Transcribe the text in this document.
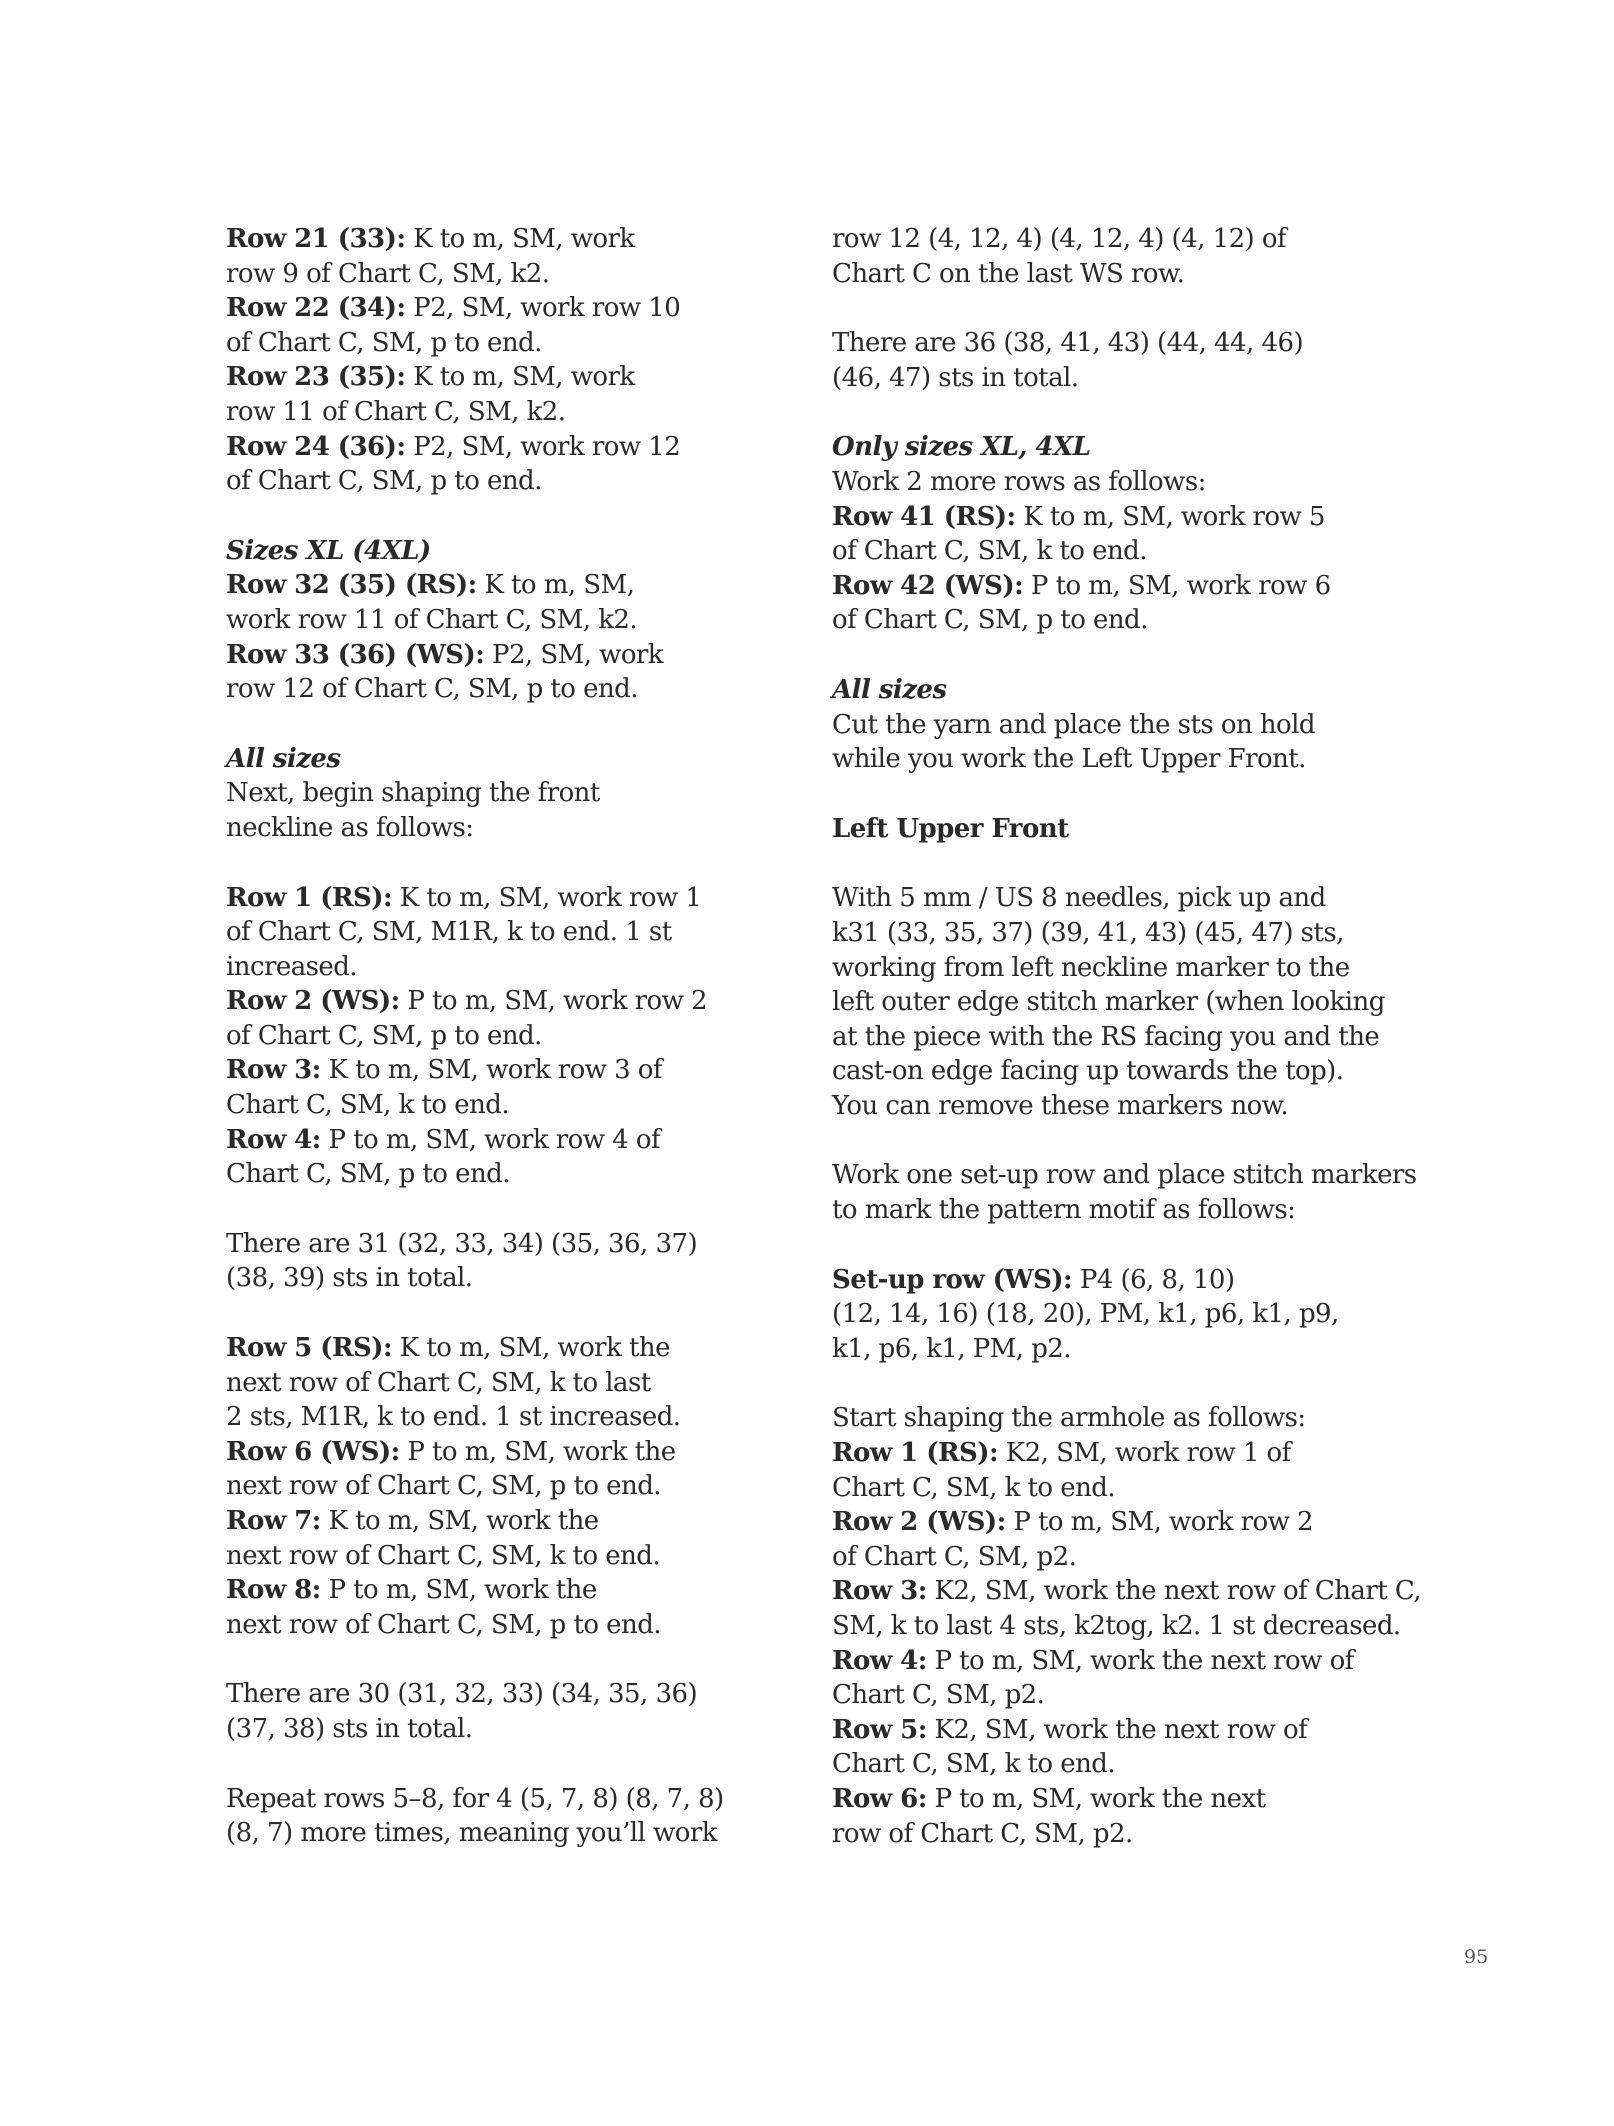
Row 21 (33): K to m, SM, work
row 9 of Chart C, SM, k2.
Row 22 (34): P2, SM, work row 10
of Chart C, SM, p to end.
Row 23 (35): K to m, SM, work
row 11 of Chart C, SM, k2.
Row 24 (36): P2, SM, work row 12
of Chart C, SM, p to end.
Sizes XL (4XL)
Row 32 (35) (RS): K to m, SM,
work row 11 of Chart C, SM, k2.
Row 33 (36) (WS): P2, SM, work
row 12 of Chart C, SM, p to end.
All sizes
Next, begin shaping the front
neckline as follows:
Row 1 (RS): K to m, SM, work row 1
of Chart C, SM, M1R, k to end. 1 st
increased.
Row 2 (WS): P to m, SM, work row 2
of Chart C, SM, p to end.
Row 3: K to m, SM, work row 3 of
Chart C, SM, k to end.
Row 4: P to m, SM, work row 4 of
Chart C, SM, p to end.
There are 31 (32, 33, 34) (35, 36, 37)
(38, 39) sts in total.
Row 5 (RS): K to m, SM, work the
next row of Chart C, SM, k to last
2 sts, M1R, k to end. 1 st increased.
Row 6 (WS): P to m, SM, work the
next row of Chart C, SM, p to end.
Row 7: K to m, SM, work the
next row of Chart C, SM, k to end.
Row 8: P to m, SM, work the
next row of Chart C, SM, p to end.
There are 30 (31, 32, 33) (34, 35, 36)
(37, 38) sts in total.
Repeat rows 5–8, for 4 (5, 7, 8) (8, 7, 8)
(8, 7) more times, meaning you’ll work
row 12 (4, 12, 4) (4, 12, 4) (4, 12) of
Chart C on the last WS row.
There are 36 (38, 41, 43) (44, 44, 46)
(46, 47) sts in total.
Only sizes XL, 4XL
Work 2 more rows as follows:
Row 41 (RS): K to m, SM, work row 5
of Chart C, SM, k to end.
Row 42 (WS): P to m, SM, work row 6
of Chart C, SM, p to end.
All sizes
Cut the yarn and place the sts on hold
while you work the Left Upper Front.
Left Upper Front
With 5 mm / US 8 needles, pick up and
k31 (33, 35, 37) (39, 41, 43) (45, 47) sts,
working from left neckline marker to the
left outer edge stitch marker (when looking
at the piece with the RS facing you and the
cast-on edge facing up towards the top).
You can remove these markers now.
Work one set-up row and place stitch markers
to mark the pattern motif as follows:
Set-up row (WS): P4 (6, 8, 10)
(12, 14, 16) (18, 20), PM, k1, p6, k1, p9,
k1, p6, k1, PM, p2.
Start shaping the armhole as follows:
Row 1 (RS): K2, SM, work row 1 of
Chart C, SM, k to end.
Row 2 (WS): P to m, SM, work row 2
of Chart C, SM, p2.
Row 3: K2, SM, work the next row of Chart C,
SM, k to last 4 sts, k2tog, k2. 1 st decreased.
Row 4: P to m, SM, work the next row of
Chart C, SM, p2.
Row 5: K2, SM, work the next row of
Chart C, SM, k to end.
Row 6: P to m, SM, work the next
row of Chart C, SM, p2.
95
